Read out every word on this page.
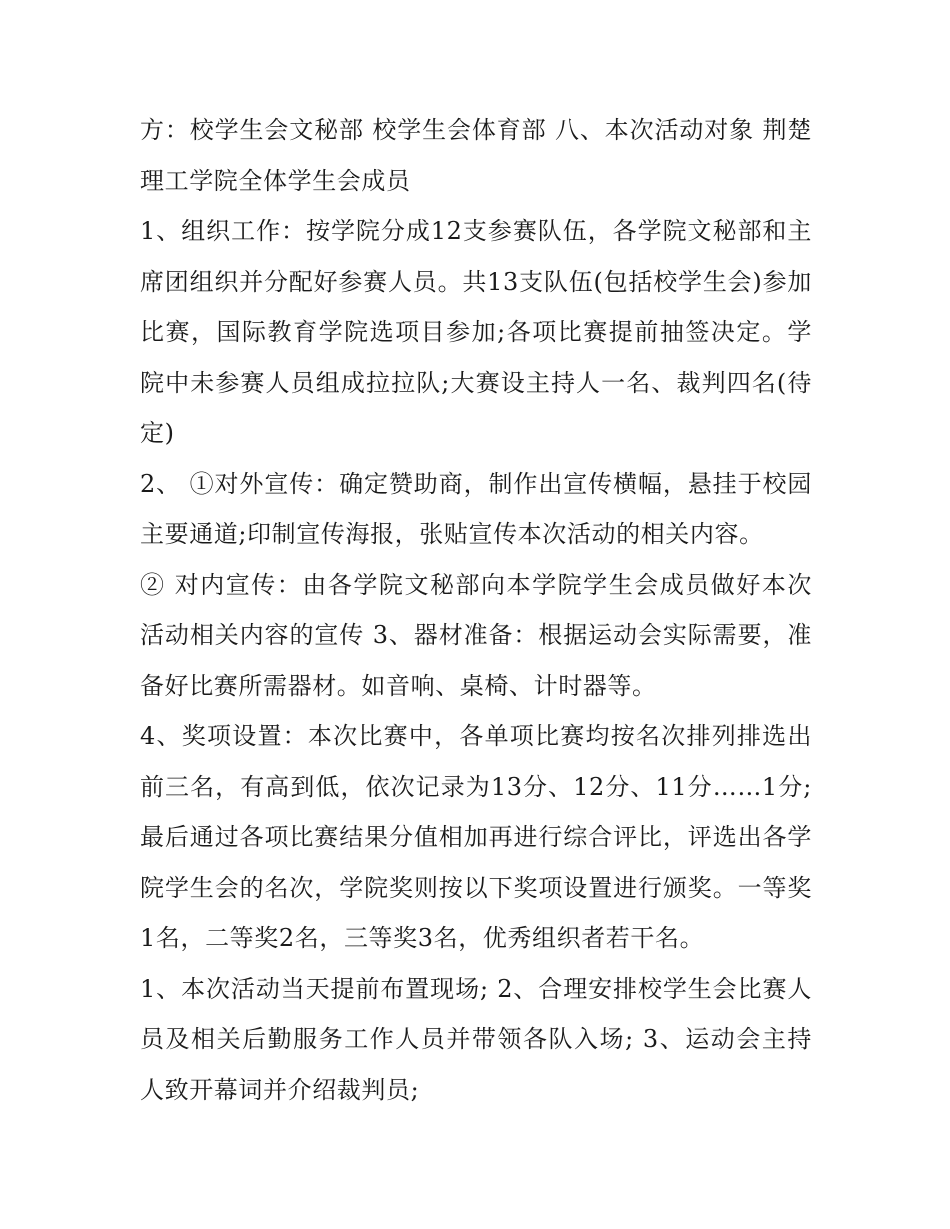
方：校学生会文秘部 校学生会体育部 八、本次活动对象 荆楚理工学院全体学生会成员

1、组织工作：按学院分成12支参赛队伍，各学院文秘部和主席团组织并分配好参赛人员。共13支队伍(包括校学生会)参加比赛，国际教育学院选项目参加;各项比赛提前抽签决定。学院中未参赛人员组成拉拉队;大赛设主持人一名、裁判四名(待定)

2、 ①对外宣传：确定赞助商，制作出宣传横幅，悬挂于校园主要通道;印制宣传海报，张贴宣传本次活动的相关内容。

② 对内宣传：由各学院文秘部向本学院学生会成员做好本次活动相关内容的宣传 3、器材准备：根据运动会实际需要，准备好比赛所需器材。如音响、桌椅、计时器等。

4、奖项设置：本次比赛中，各单项比赛均按名次排列排选出前三名，有高到低，依次记录为13分、12分、11分……1分;最后通过各项比赛结果分值相加再进行综合评比，评选出各学院学生会的名次，学院奖则按以下奖项设置进行颁奖。一等奖1名，二等奖2名，三等奖3名，优秀组织者若干名。

1、本次活动当天提前布置现场; 2、合理安排校学生会比赛人员及相关后勤服务工作人员并带领各队入场; 3、运动会主持人致开幕词并介绍裁判员;
